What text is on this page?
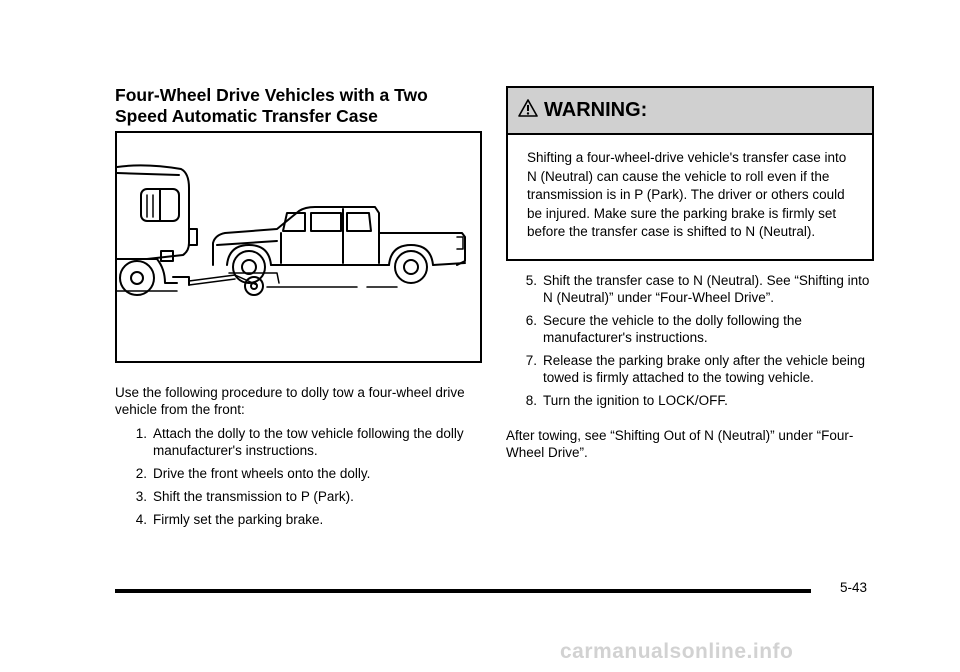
Four-Wheel Drive Vehicles with a Two Speed Automatic Transfer Case

Use the following procedure to dolly tow a four-wheel drive vehicle from the front:

1. Attach the dolly to the tow vehicle following the dolly manufacturer's instructions.
2. Drive the front wheels onto the dolly.
3. Shift the transmission to P (Park).
4. Firmly set the parking brake.
WARNING:
Shifting a four-wheel-drive vehicle's transfer case into N (Neutral) can cause the vehicle to roll even if the transmission is in P (Park). The driver or others could be injured. Make sure the parking brake is firmly set before the transfer case is shifted to N (Neutral).
5. Shift the transfer case to N (Neutral). See “Shifting into N (Neutral)” under “Four-Wheel Drive”.
6. Secure the vehicle to the dolly following the manufacturer's instructions.
7. Release the parking brake only after the vehicle being towed is firmly attached to the towing vehicle.
8. Turn the ignition to LOCK/OFF.

After towing, see “Shifting Out of N (Neutral)” under “Four-Wheel Drive”.

5-43
carmanualsonline.info
